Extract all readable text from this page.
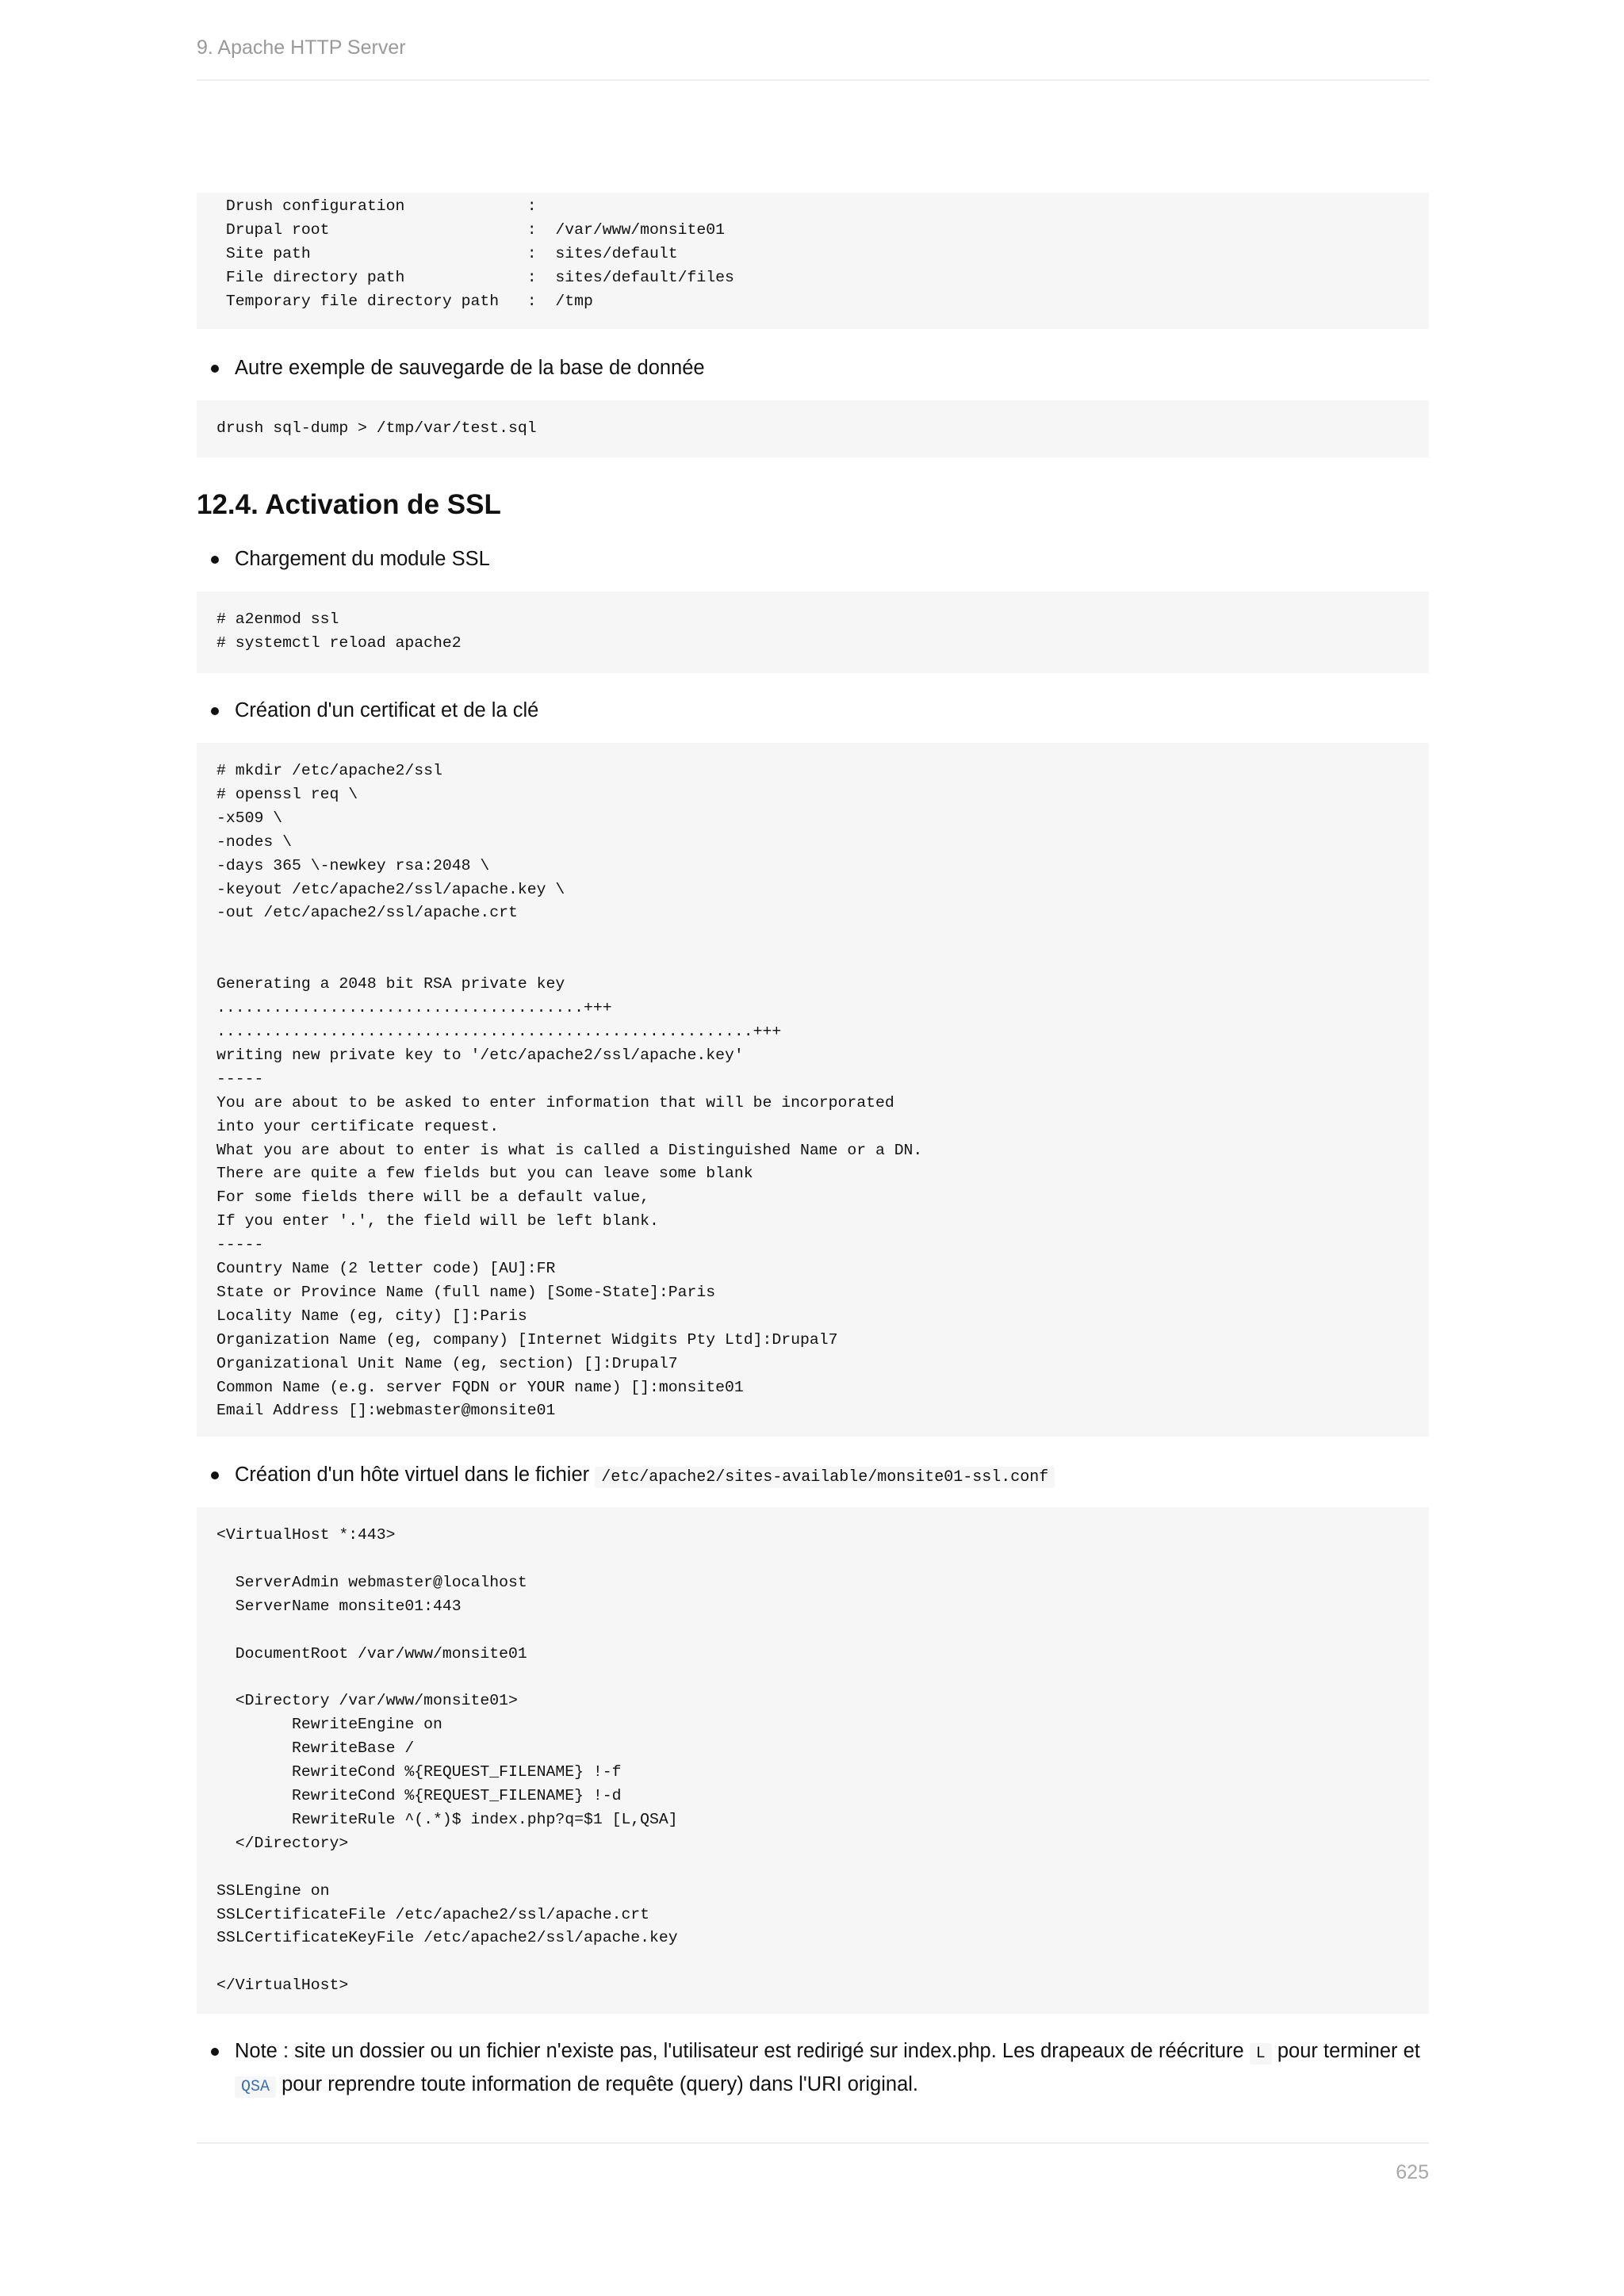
9. Apache HTTP Server
Drush configuration             :
Drupal root                     :  /var/www/monsite01
Site path                       :  sites/default
File directory path             :  sites/default/files
Temporary file directory path   :  /tmp
Autre exemple de sauvegarde de la base de donnée
drush sql-dump > /tmp/var/test.sql
12.4. Activation de SSL
Chargement du module SSL
# a2enmod ssl
# systemctl reload apache2
Création d'un certificat et de la clé
# mkdir /etc/apache2/ssl
# openssl req \
-x509 \
-nodes \
-days 365 \-newkey rsa:2048 \
-keyout /etc/apache2/ssl/apache.key \
-out /etc/apache2/ssl/apache.crt

Generating a 2048 bit RSA private key
.......................................+++
.........................................................+++
writing new private key to '/etc/apache2/ssl/apache.key'
-----
You are about to be asked to enter information that will be incorporated
into your certificate request.
What you are about to enter is what is called a Distinguished Name or a DN.
There are quite a few fields but you can leave some blank
For some fields there will be a default value,
If you enter '.', the field will be left blank.
-----
Country Name (2 letter code) [AU]:FR
State or Province Name (full name) [Some-State]:Paris
Locality Name (eg, city) []:Paris
Organization Name (eg, company) [Internet Widgits Pty Ltd]:Drupal7
Organizational Unit Name (eg, section) []:Drupal7
Common Name (e.g. server FQDN or YOUR name) []:monsite01
Email Address []:webmaster@monsite01
Création d'un hôte virtuel dans le fichier /etc/apache2/sites-available/monsite01-ssl.conf
<VirtualHost *:443>

ServerAdmin webmaster@localhost
ServerName monsite01:443

DocumentRoot /var/www/monsite01

<Directory /var/www/monsite01>
RewriteEngine on
RewriteBase /
RewriteCond %{REQUEST_FILENAME} !-f
RewriteCond %{REQUEST_FILENAME} !-d
RewriteRule ^(.*)$ index.php?q=$1 [L,QSA]
</Directory>

SSLEngine on
SSLCertificateFile /etc/apache2/ssl/apache.crt
SSLCertificateKeyFile /etc/apache2/ssl/apache.key

</VirtualHost>
Note : site un dossier ou un fichier n'existe pas, l'utilisateur est redirigé sur index.php. Les drapeaux de réécriture L pour terminer et QSA pour reprendre toute information de requête (query) dans l'URI original.
625
